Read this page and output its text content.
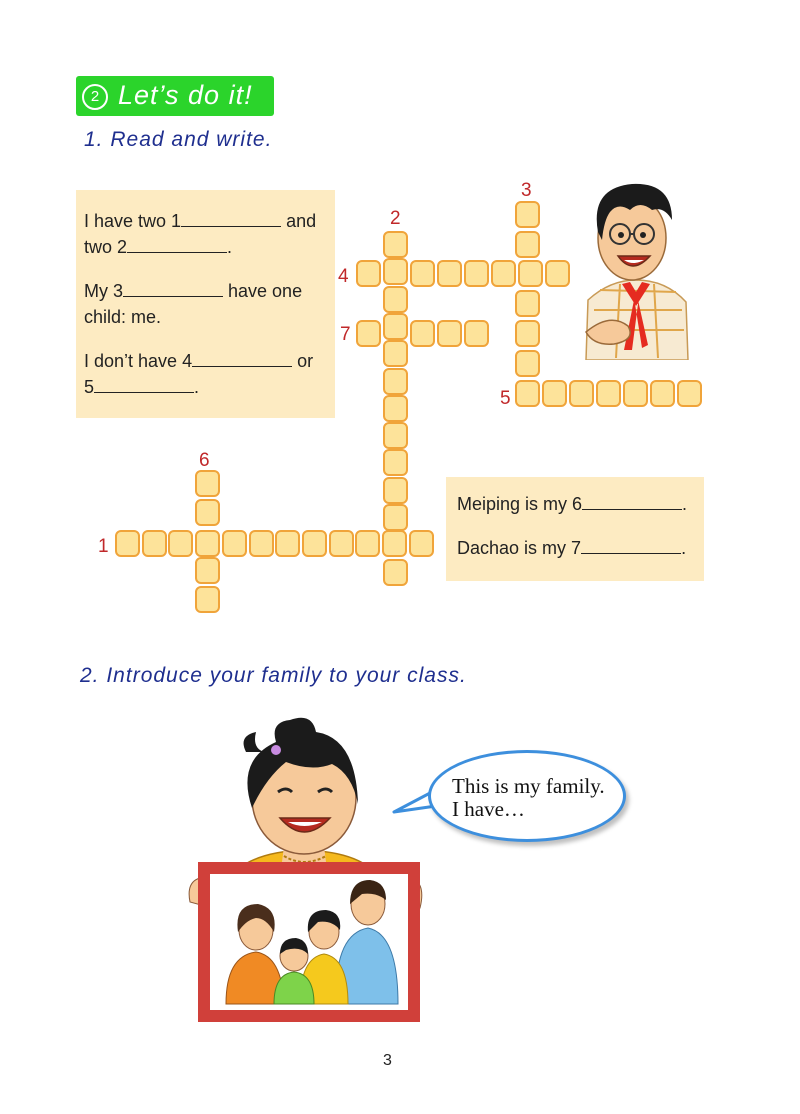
2 Let’s do it!
1. Read and write.
I have two 1	and
two 2	.
My 3	have one
child: me.
I don’t have 4	or
5	.
Meiping is my 6	.
Dachao is my 7	.
1
2
3
4
5
6
7
2. Introduce your family to your class.
This is my family.
I have…
3
